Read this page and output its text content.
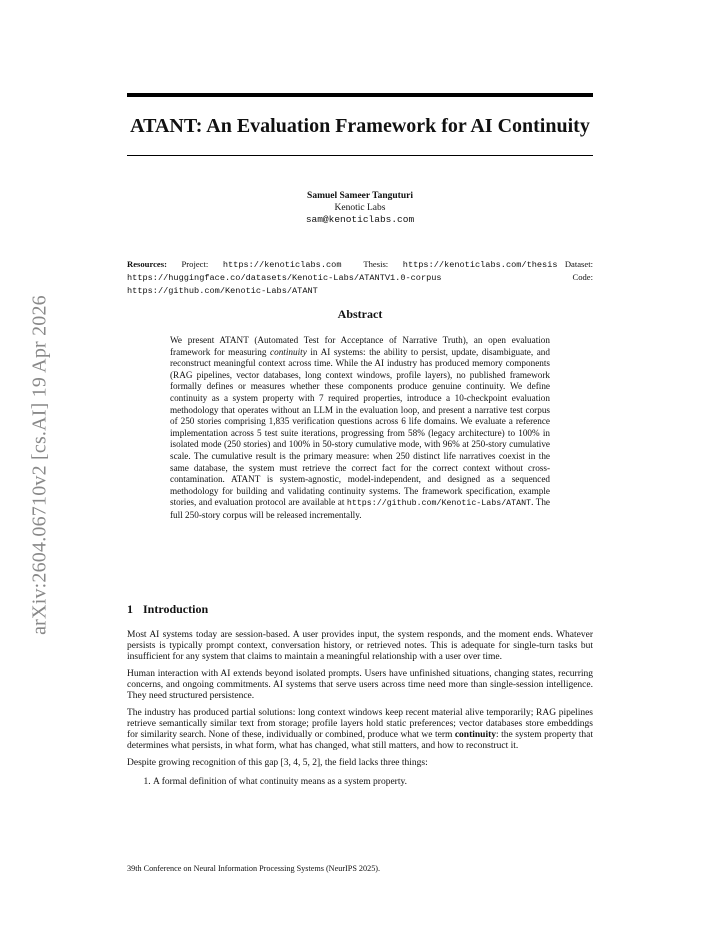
arXiv:2604.06710v2 [cs.AI] 19 Apr 2026
ATANT: An Evaluation Framework for AI Continuity
Samuel Sameer Tanguturi
Kenotic Labs
sam@kenoticlabs.com
Resources: Project: https://kenoticlabs.com	Thesis: https://kenoticlabs.com/thesis Dataset: https://huggingface.co/datasets/Kenotic-Labs/ATANTV1.0-corpus	Code: https://github.com/Kenotic-Labs/ATANT
Abstract
We present ATANT (Automated Test for Acceptance of Narrative Truth), an open evaluation framework for measuring continuity in AI systems: the ability to persist, update, disambiguate, and reconstruct meaningful context across time. While the AI industry has produced memory components (RAG pipelines, vector databases, long context windows, profile layers), no published framework formally defines or measures whether these components produce genuine continuity. We define continuity as a system property with 7 required properties, introduce a 10-checkpoint evaluation methodology that operates without an LLM in the evaluation loop, and present a narrative test corpus of 250 stories comprising 1,835 verification questions across 6 life domains. We evaluate a reference implementation across 5 test suite iterations, progressing from 58% (legacy architecture) to 100% in isolated mode (250 stories) and 100% in 50-story cumulative mode, with 96% at 250-story cumulative scale. The cumulative result is the primary measure: when 250 distinct life narratives coexist in the same database, the system must retrieve the correct fact for the correct context without cross-contamination. ATANT is system-agnostic, model-independent, and designed as a sequenced methodology for building and validating continuity systems. The framework specification, example stories, and evaluation protocol are available at https://github.com/Kenotic-Labs/ATANT. The full 250-story corpus will be released incrementally.
1 Introduction

Most AI systems today are session-based. A user provides input, the system responds, and the moment ends. Whatever persists is typically prompt context, conversation history, or retrieved notes. This is adequate for single-turn tasks but insufficient for any system that claims to maintain a meaningful relationship with a user over time.

Human interaction with AI extends beyond isolated prompts. Users have unfinished situations, changing states, recurring concerns, and ongoing commitments. AI systems that serve users across time need more than single-session intelligence. They need structured persistence.

The industry has produced partial solutions: long context windows keep recent material alive temporarily; RAG pipelines retrieve semantically similar text from storage; profile layers hold static preferences; vector databases store embeddings for similarity search. None of these, individually or combined, produce what we term continuity: the system property that determines what persists, in what form, what has changed, what still matters, and how to reconstruct it.

Despite growing recognition of this gap [3, 4, 5, 2], the field lacks three things:

1. A formal definition of what continuity means as a system property.
39th Conference on Neural Information Processing Systems (NeurIPS 2025).
